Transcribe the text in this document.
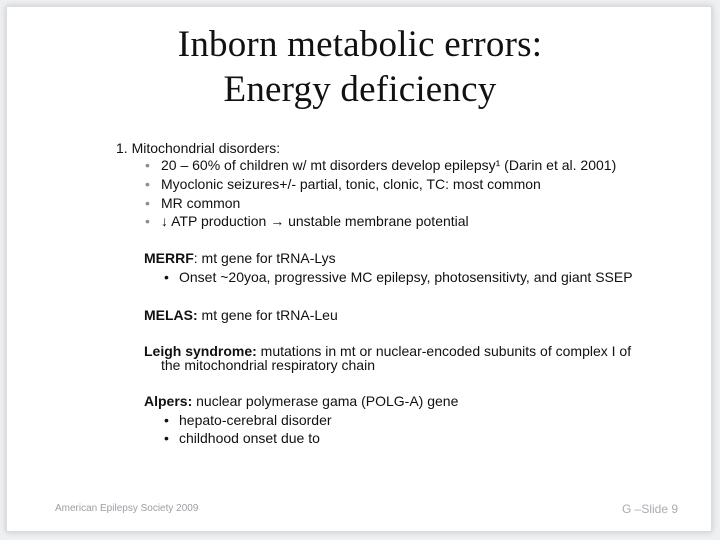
Inborn metabolic errors:
Energy deficiency
1. Mitochondrial disorders:
• 20 – 60% of children w/ mt disorders develop epilepsy¹ (Darin et al. 2001)
• Myoclonic seizures+/- partial, tonic, clonic, TC: most common
• MR common
• ↓ ATP production → unstable membrane potential
MERRF: mt gene for tRNA-Lys
• Onset ~20yoa, progressive MC epilepsy, photosensitivty, and giant SSEP
MELAS: mt gene for tRNA-Leu
Leigh syndrome: mutations in mt or nuclear-encoded subunits of complex I of
the mitochondrial respiratory chain
Alpers: nuclear polymerase gama (POLG-A) gene
• hepato-cerebral disorder
• childhood onset due to
American Epilepsy Society 2009	G –Slide 9
